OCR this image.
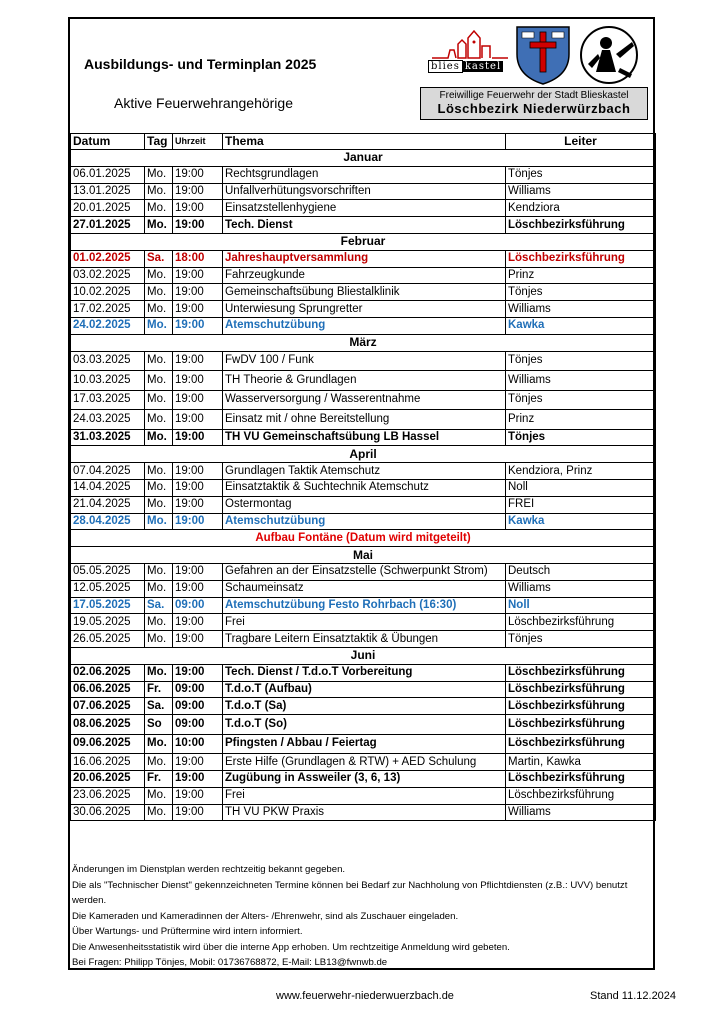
Ausbildungs- und Terminplan 2025
Aktive Feuerwehrangehörige
blies kastel
Freiwillige Feuerwehr der Stadt Blieskastel
Löschbezirk Niederwürzbach
Datum	Tag	Uhrzeit	Thema	Leiter
Januar				
06.01.2025	Mo.	19:00	Rechtsgrundlagen	Tönjes
13.01.2025	Mo.	19:00	Unfallverhütungsvorschriften	Williams
20.01.2025	Mo.	19:00	Einsatzstellenhygiene	Kendziora
27.01.2025	Mo.	19:00	Tech. Dienst	Löschbezirksführung
Februar				
01.02.2025	Sa.	18:00	Jahreshauptversammlung	Löschbezirksführung
03.02.2025	Mo.	19:00	Fahrzeugkunde	Prinz
10.02.2025	Mo.	19:00	Gemeinschaftsübung Bliestalklinik	Tönjes
17.02.2025	Mo.	19:00	Unterwiesung Sprungretter	Williams
24.02.2025	Mo.	19:00	Atemschutzübung	Kawka
März				
03.03.2025	Mo.	19:00	FwDV 100 / Funk	Tönjes
10.03.2025	Mo.	19:00	TH Theorie & Grundlagen	Williams
17.03.2025	Mo.	19:00	Wasserversorgung / Wasserentnahme	Tönjes
24.03.2025	Mo.	19:00	Einsatz mit / ohne Bereitstellung	Prinz
31.03.2025	Mo.	19:00	TH VU Gemeinschaftsübung LB Hassel	Tönjes
April				
07.04.2025	Mo.	19:00	Grundlagen Taktik Atemschutz	Kendziora, Prinz
14.04.2025	Mo.	19:00	Einsatztaktik & Suchtechnik Atemschutz	Noll
21.04.2025	Mo.	19:00	Ostermontag	FREI
28.04.2025	Mo.	19:00	Atemschutzübung	Kawka
Aufbau Fontäne (Datum wird mitgeteilt)				
Mai				
05.05.2025	Mo.	19:00	Gefahren an der Einsatzstelle (Schwerpunkt Strom)	Deutsch
12.05.2025	Mo.	19:00	Schaumeinsatz	Williams
17.05.2025	Sa.	09:00	Atemschutzübung Festo Rohrbach (16:30)	Noll
19.05.2025	Mo.	19:00	Frei	Löschbezirksführung
26.05.2025	Mo.	19:00	Tragbare Leitern Einsatztaktik & Übungen	Tönjes
Juni				
02.06.2025	Mo.	19:00	Tech. Dienst / T.d.o.T Vorbereitung	Löschbezirksführung
06.06.2025	Fr.	09:00	T.d.o.T (Aufbau)	Löschbezirksführung
07.06.2025	Sa.	09:00	T.d.o.T (Sa)	Löschbezirksführung
08.06.2025	So	09:00	T.d.o.T (So)	Löschbezirksführung
09.06.2025	Mo.	10:00	Pfingsten / Abbau / Feiertag	Löschbezirksführung
16.06.2025	Mo.	19:00	Erste Hilfe (Grundlagen & RTW) + AED Schulung	Martin, Kawka
20.06.2025	Fr.	19:00	Zugübung in Assweiler (3, 6, 13)	Löschbezirksführung
23.06.2025	Mo.	19:00	Frei	Löschbezirksführung
30.06.2025	Mo.	19:00	TH VU PKW Praxis	Williams
Änderungen im Dienstplan werden rechtzeitig bekannt gegeben.
Die als "Technischer Dienst" gekennzeichneten Termine können bei Bedarf zur Nachholung von Pflichtdiensten (z.B.: UVV) benutzt
werden.
Die Kameraden und Kameradinnen der Alters- /Ehrenwehr, sind als Zuschauer eingeladen.
Über Wartungs- und Prüftermine wird intern informiert.
Die Anwesenheitsstatistik wird über die interne App erhoben. Um rechtzeitige Anmeldung wird gebeten.
Bei Fragen: Philipp Tönjes, Mobil: 01736768872, E-Mail: LB13@fwnwb.de
www.feuerwehr-niederwuerzbach.de	Stand 11.12.2024
